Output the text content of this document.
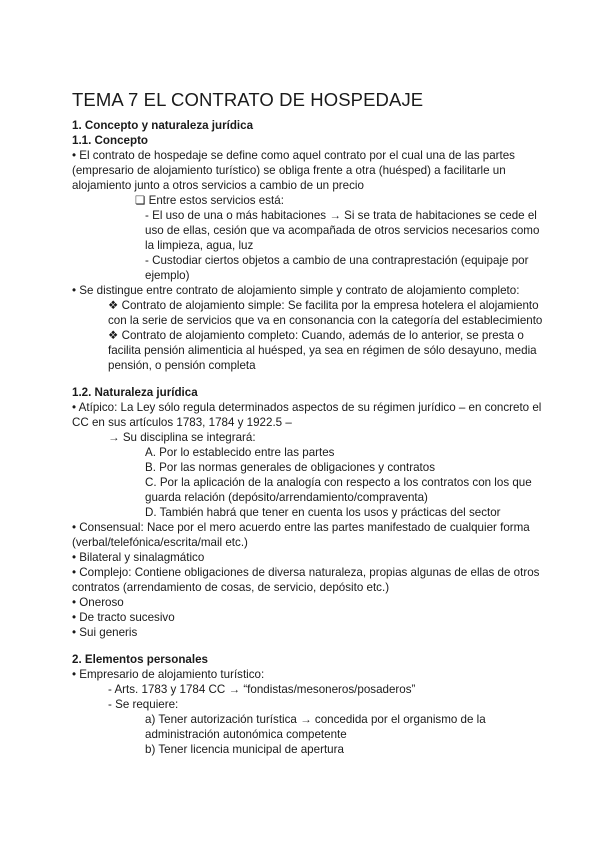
TEMA 7 EL CONTRATO DE HOSPEDAJE

1. Concepto y naturaleza jurídica

1.1. Concepto

• El contrato de hospedaje se define como aquel contrato por el cual una de las partes

(empresario de alojamiento turístico) se obliga frente a otra (huésped) a facilitarle un

alojamiento junto a otros servicios a cambio de un precio

❏ Entre estos servicios está:

- El uso de una o más habitaciones → Si se trata de habitaciones se cede el

uso de ellas, cesión que va acompañada de otros servicios necesarios como

la limpieza, agua, luz

- Custodiar ciertos objetos a cambio de una contraprestación (equipaje por

ejemplo)

• Se distingue entre contrato de alojamiento simple y contrato de alojamiento completo:

❖ Contrato de alojamiento simple: Se facilita por la empresa hotelera el alojamiento

con la serie de servicios que va en consonancia con la categoría del establecimiento

❖ Contrato de alojamiento completo: Cuando, además de lo anterior, se presta o

facilita pensión alimenticia al huésped, ya sea en régimen de sólo desayuno, media

pensión, o pensión completa

1.2. Naturaleza jurídica

• Atípico: La Ley sólo regula determinados aspectos de su régimen jurídico – en concreto el

CC en sus artículos 1783, 1784 y 1922.5 –

→ Su disciplina se integrará:

A. Por lo establecido entre las partes

B. Por las normas generales de obligaciones y contratos

C. Por la aplicación de la analogía con respecto a los contratos con los que

guarda relación (depósito/arrendamiento/compraventa)

D. También habrá que tener en cuenta los usos y prácticas del sector

• Consensual: Nace por el mero acuerdo entre las partes manifestado de cualquier forma

(verbal/telefónica/escrita/mail etc.)

• Bilateral y sinalagmático

• Complejo: Contiene obligaciones de diversa naturaleza, propias algunas de ellas de otros

contratos (arrendamiento de cosas, de servicio, depósito etc.)

• Oneroso

• De tracto sucesivo

• Sui generis

2. Elementos personales

• Empresario de alojamiento turístico:

- Arts. 1783 y 1784 CC → “fondistas/mesoneros/posaderos”

- Se requiere:

a) Tener autorización turística → concedida por el organismo de la

administración autonómica competente

b) Tener licencia municipal de apertura
